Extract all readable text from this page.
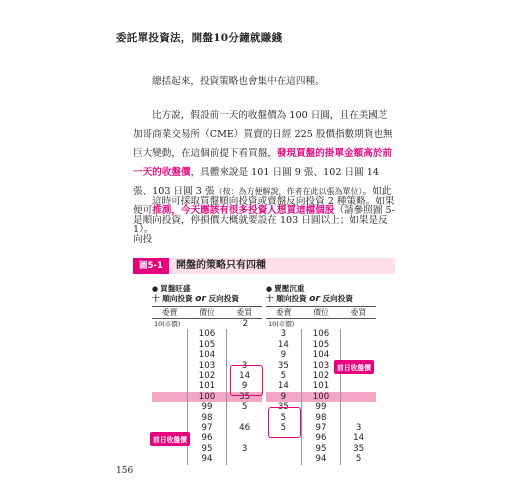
委託單投資法，開盤10分鐘就賺錢

總括起來，投資策略也會集中在這四種。

比方說，假設前一天的收盤價為 100 日圓，且在美國芝加哥商業交易所（CME）買賣的日經 225 股價指數期貨也無巨大變動，在這個前提下看買盤，發現買盤的掛單金額高於前一天的收盤價，具體來說是 101 日圓 9 張、102 日圓 14 張、103 日圓 3 張（按：為方便解說，作者在此以張為單位）。如此便可推測，今天應該有很多投資人想買這檔個股（請參照圖 5-1）。

這時可採取買盤順向投資或賣盤反向投資 2 種策略。如果是順向投資，停損價大概就要設在 103 日圓以上；如果是反向投

圖5-1	開盤的策略只有四種
● 買盤旺盛
十 順向投資 or 反向投資
委賣	價位	委買
10(市價)		2
	106	
	105	
	104	
	103	3
	102	14
	101	9
	100	35
	99	5
	98	
	97	46
	96	
	95	3
	94	
前日收盤價
● 賣壓沉重
十 順向投資 or 反向投資
委賣	價位	委買
10(市價)		
3	106	
14	105	
9	104	
35	103	
5	102	
14	101	
9	100	
35	99	
5	98	
5	97	3
	96	14
	95	35
	94	5
前日收盤價
156
